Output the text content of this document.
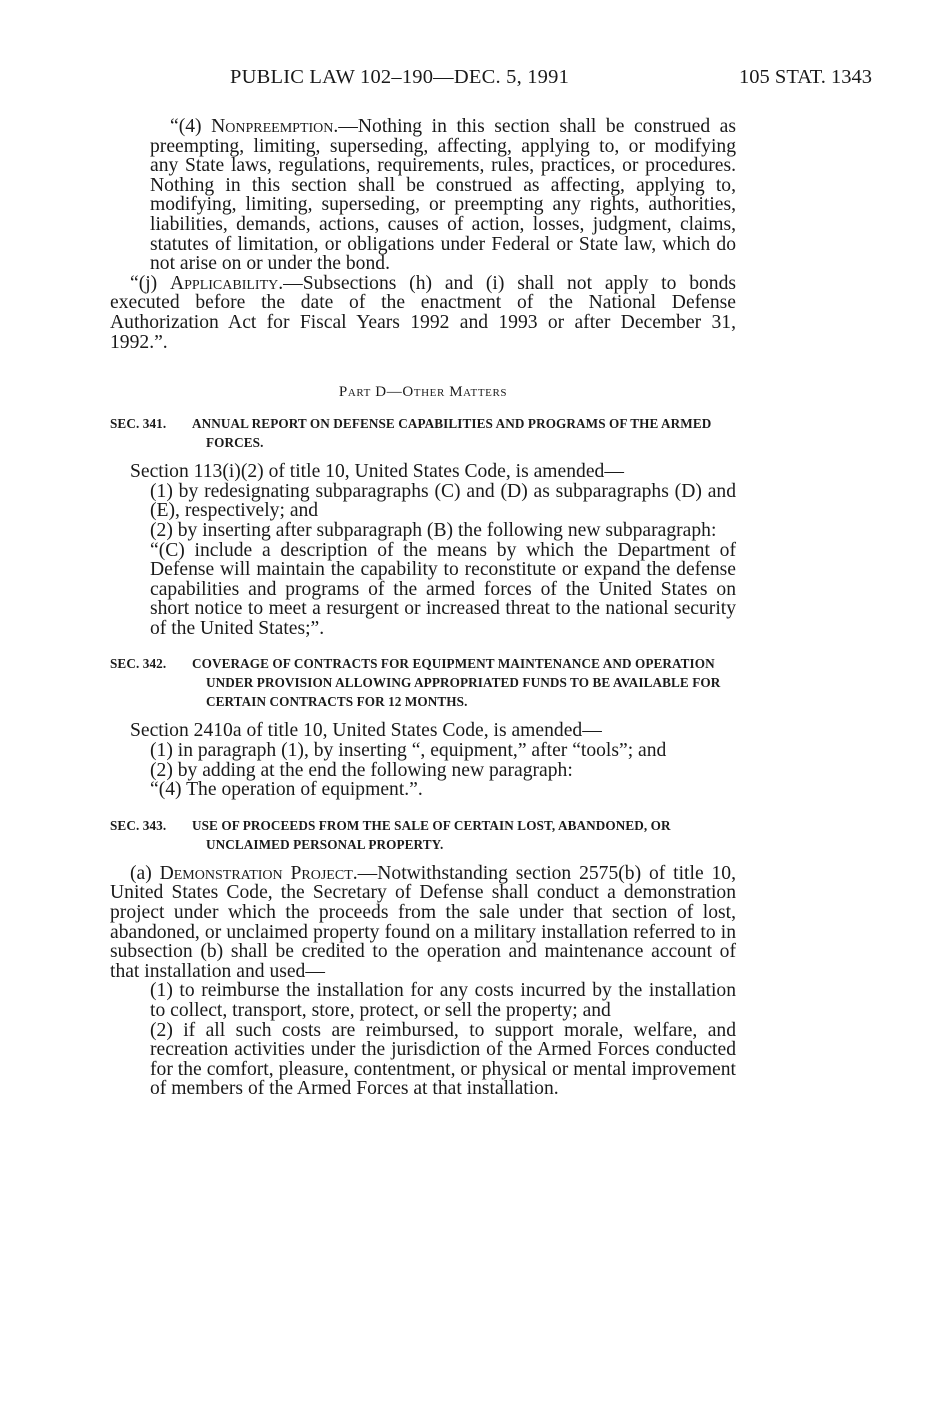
PUBLIC LAW 102–190—DEC. 5, 1991	105 STAT. 1343

“(4) Nonpreemption.—Nothing in this section shall be construed as preempting, limiting, superseding, affecting, applying to, or modifying any State laws, regulations, requirements, rules, practices, or procedures. Nothing in this section shall be construed as affecting, applying to, modifying, limiting, superseding, or preempting any rights, authorities, liabilities, demands, actions, causes of action, losses, judgment, claims, statutes of limitation, or obligations under Federal or State law, which do not arise on or under the bond.

“(j) Applicability.—Subsections (h) and (i) shall not apply to bonds executed before the date of the enactment of the National Defense Authorization Act for Fiscal Years 1992 and 1993 or after December 31, 1992.”.

Part D—Other Matters

SEC. 341. ANNUAL REPORT ON DEFENSE CAPABILITIES AND PROGRAMS OF THE ARMED FORCES.

Section 113(i)(2) of title 10, United States Code, is amended—

(1) by redesignating subparagraphs (C) and (D) as subparagraphs (D) and (E), respectively; and

(2) by inserting after subparagraph (B) the following new subparagraph:

“(C) include a description of the means by which the Department of Defense will maintain the capability to reconstitute or expand the defense capabilities and programs of the armed forces of the United States on short notice to meet a resurgent or increased threat to the national security of the United States;”.

SEC. 342. COVERAGE OF CONTRACTS FOR EQUIPMENT MAINTENANCE AND OPERATION UNDER PROVISION ALLOWING APPROPRIATED FUNDS TO BE AVAILABLE FOR CERTAIN CONTRACTS FOR 12 MONTHS.

Section 2410a of title 10, United States Code, is amended—

(1) in paragraph (1), by inserting “, equipment,” after “tools”; and

(2) by adding at the end the following new paragraph:

“(4) The operation of equipment.”.

SEC. 343. USE OF PROCEEDS FROM THE SALE OF CERTAIN LOST, ABANDONED, OR UNCLAIMED PERSONAL PROPERTY.

(a) Demonstration Project.—Notwithstanding section 2575(b) of title 10, United States Code, the Secretary of Defense shall conduct a demonstration project under which the proceeds from the sale under that section of lost, abandoned, or unclaimed property found on a military installation referred to in subsection (b) shall be credited to the operation and maintenance account of that installation and used—

(1) to reimburse the installation for any costs incurred by the installation to collect, transport, store, protect, or sell the property; and

(2) if all such costs are reimbursed, to support morale, welfare, and recreation activities under the jurisdiction of the Armed Forces conducted for the comfort, pleasure, contentment, or physical or mental improvement of members of the Armed Forces at that installation.
